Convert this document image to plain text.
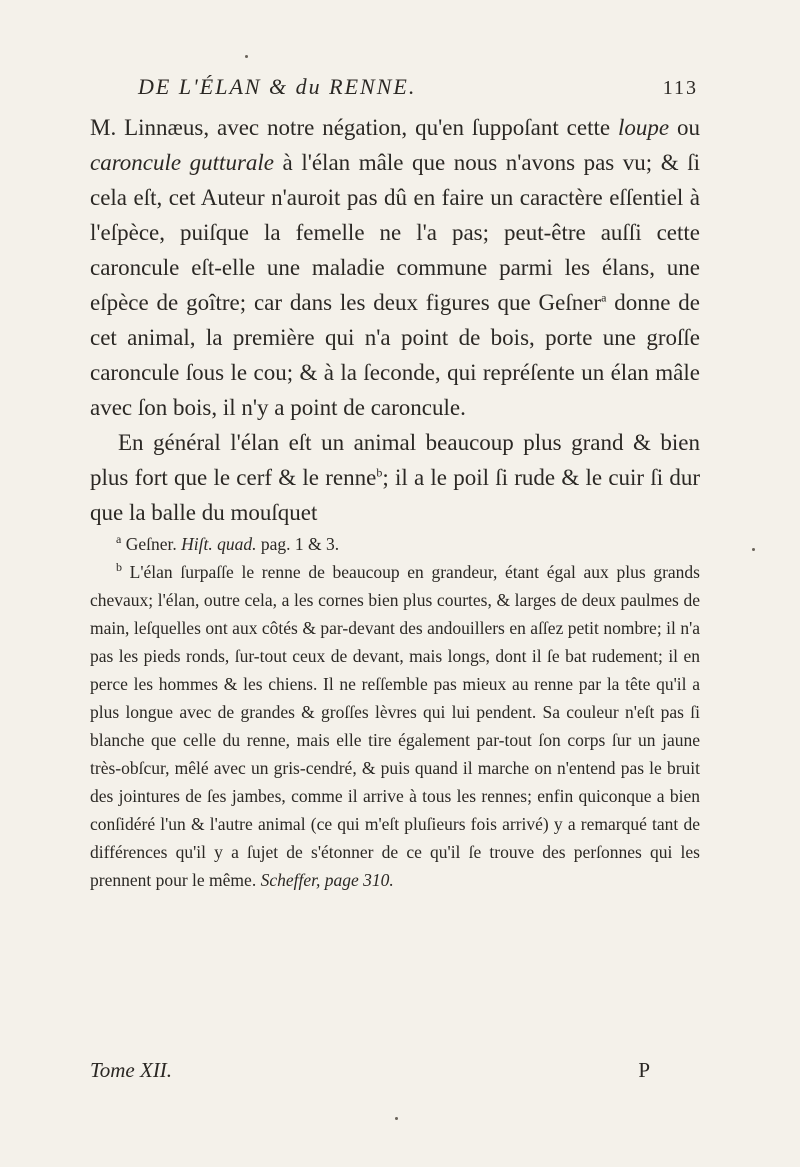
DE L'ÉLAN & du RENNE.	113

M. Linnæus, avec notre négation, qu'en ſuppoſant cette loupe ou caroncule gutturale à l'élan mâle que nous n'avons pas vu; & ſi cela eſt, cet Auteur n'auroit pas dû en faire un caractère eſſentiel à l'eſpèce, puiſque la femelle ne l'a pas; peut-être auſſi cette caroncule eſt-elle une maladie commune parmi les élans, une eſpèce de goître; car dans les deux figures que Geſner$^a$ donne de cet animal, la première qui n'a point de bois, porte une groſſe caroncule ſous le cou; & à la ſeconde, qui repréſente un élan mâle avec ſon bois, il n'y a point de caroncule.

En général l'élan eſt un animal beaucoup plus grand & bien plus fort que le cerf & le renne$^b$; il a le poil ſi rude & le cuir ſi dur que la balle du mouſquet

$^a$ Geſner. Hiſt. quad. pag. 1 & 3.

$^b$ L'élan ſurpaſſe le renne de beaucoup en grandeur, étant égal aux plus grands chevaux; l'élan, outre cela, a les cornes bien plus courtes, & larges de deux paulmes de main, leſquelles ont aux côtés & par-devant des andouillers en aſſez petit nombre; il n'a pas les pieds ronds, ſur-tout ceux de devant, mais longs, dont il ſe bat rudement; il en perce les hommes & les chiens. Il ne reſſemble pas mieux au renne par la tête qu'il a plus longue avec de grandes & groſſes lèvres qui lui pendent. Sa couleur n'eſt pas ſi blanche que celle du renne, mais elle tire également par-tout ſon corps ſur un jaune très-obſcur, mêlé avec un gris-cendré, & puis quand il marche on n'entend pas le bruit des jointures de ſes jambes, comme il arrive à tous les rennes; enfin quiconque a bien conſidéré l'un & l'autre animal (ce qui m'eſt pluſieurs fois arrivé) y a remarqué tant de différences qu'il y a ſujet de s'étonner de ce qu'il ſe trouve des perſonnes qui les prennent pour le même. Scheffer, page 310.

Tome XII.	P
